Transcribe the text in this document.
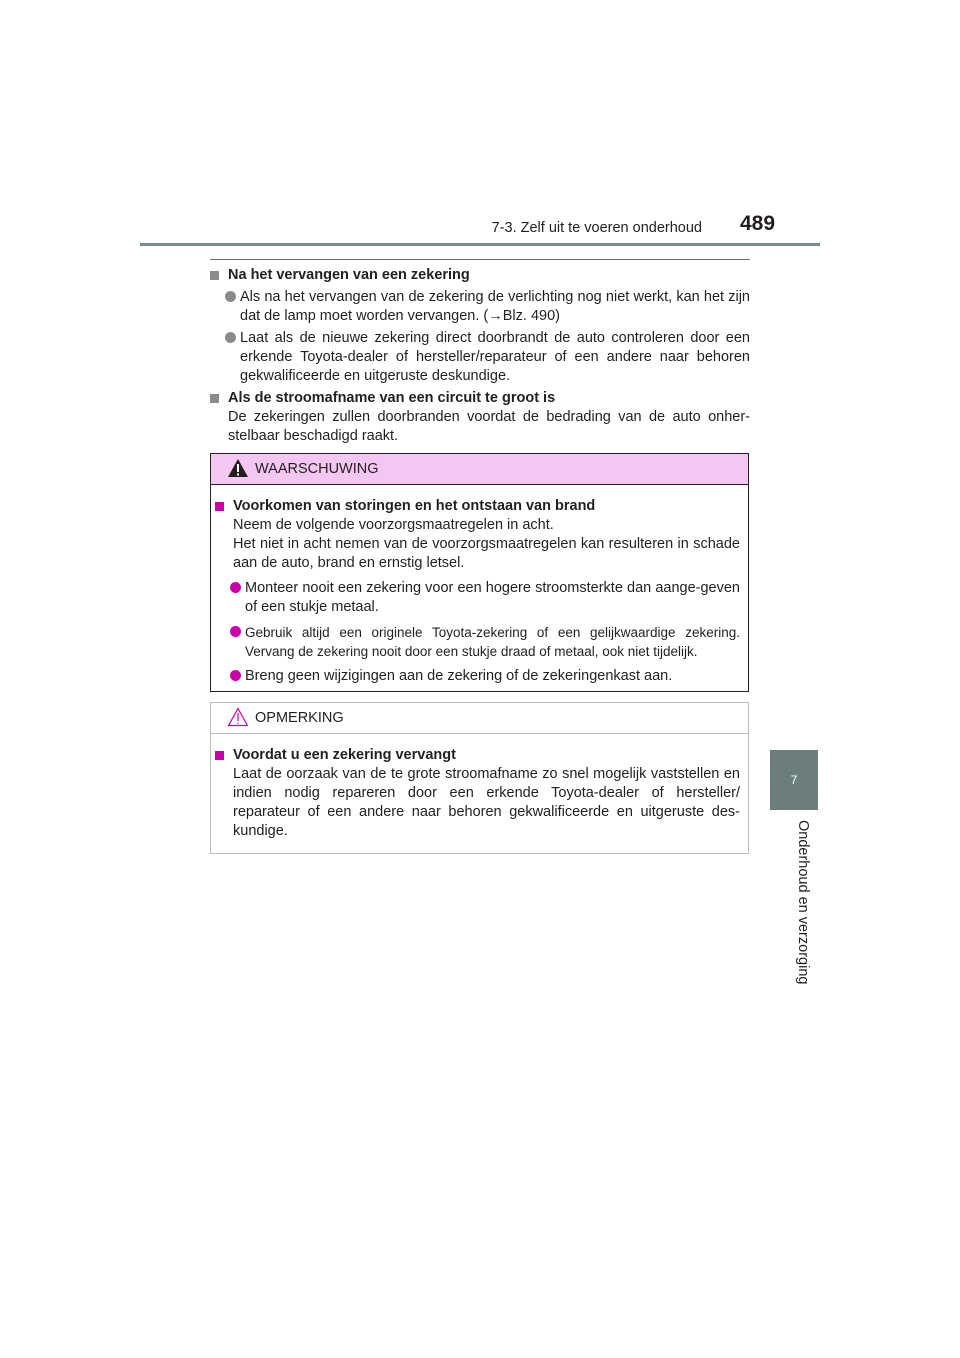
7-3. Zelf uit te voeren onderhoud 489
7
Onderhoud en verzorging
Na het vervangen van een zekering
Als na het vervangen van de zekering de verlichting nog niet werkt, kan het zijn dat de lamp moet worden vervangen. (→Blz. 490)
Laat als de nieuwe zekering direct doorbrandt de auto controleren door een erkende Toyota-dealer of hersteller/reparateur of een andere naar behoren gekwalificeerde en uitgeruste deskundige.
Als de stroomafname van een circuit te groot is
De zekeringen zullen doorbranden voordat de bedrading van de auto onher-stelbaar beschadigd raakt.
WAARSCHUWING
Voorkomen van storingen en het ontstaan van brand
Neem de volgende voorzorgsmaatregelen in acht.
Het niet in acht nemen van de voorzorgsmaatregelen kan resulteren in schade aan de auto, brand en ernstig letsel.
Monteer nooit een zekering voor een hogere stroomsterkte dan aange-geven of een stukje metaal.
Gebruik altijd een originele Toyota-zekering of een gelijkwaardige zekering. Vervang de zekering nooit door een stukje draad of metaal, ook niet tijdelijk.
Breng geen wijzigingen aan de zekering of de zekeringenkast aan.
OPMERKING
Voordat u een zekering vervangt
Laat de oorzaak van de te grote stroomafname zo snel mogelijk vaststellen en indien nodig repareren door een erkende Toyota-dealer of hersteller/ reparateur of een andere naar behoren gekwalificeerde en uitgeruste des-kundige.
